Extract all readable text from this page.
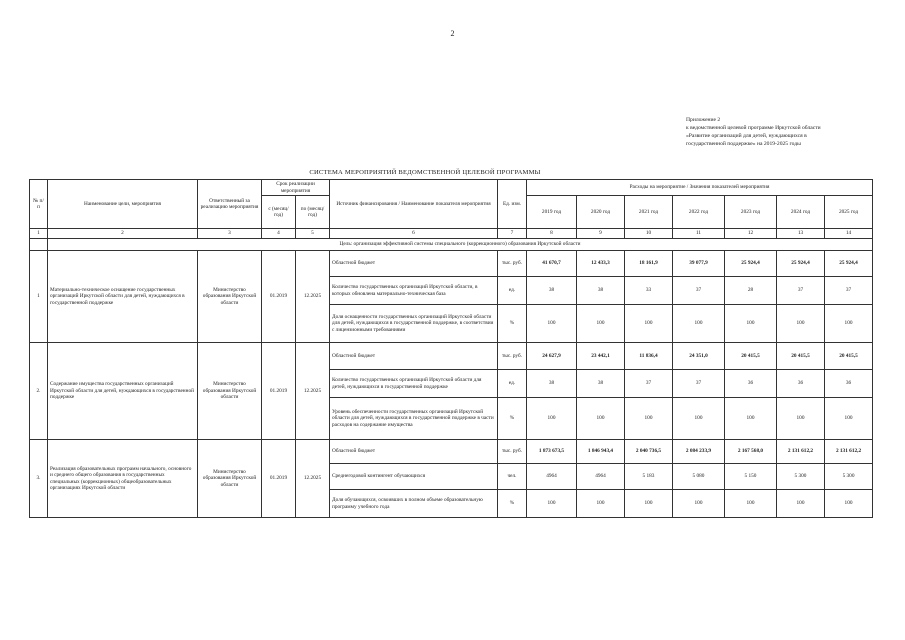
2
Приложение 2
к ведомственной целевой программе Иркутской области
«Развитие организаций для детей, нуждающихся в
государственной поддержке» на 2019-2025 годы
СИСТЕМА МЕРОПРИЯТИЙ ВЕДОМСТВЕННОЙ ЦЕЛЕВОЙ ПРОГРАММЫ
№ п/п	Наименование цели, мероприятия	Ответственный за реализацию мероприятия	Срок реализации мероприятия		Источник финансирования / Наименование показателя мероприятия	Ед. изм.	Расходы на мероприятие / Значения показателей мероприятия						
			с (месяц/год)	по (месяц/год)			2019 год	2020 год	2021 год	2022 год	2023 год	2024 год	2025 год
1	2	3	4	5	6	7	8	9	10	11	12	13	14
	Цель: организация эффективной системы специального (коррекционного) образования Иркутской области												
1	Материально-техническое оснащение государственных организаций Иркутской области для детей, нуждающихся в государственной поддержке	Министерство образования Иркутской области	01.2019	12.2025	Областной бюджет	тыс. руб.	41 670,7	12 433,3	18 161,9	39 077,9	25 924,4	25 924,4	25 924,4
					Количество государственных организаций Иркутской области, в которых обновлена материально-техническая база	ед.	38	38	33	37	28	37	37
					Доля оснащенности государственных организаций Иркутской области для детей, нуждающихся в государственной поддержке, в соответствии с лицензионными требованиями	%	100	100	100	100	100	100	100
2.	Содержание имущества государственных организаций Иркутской области для детей, нуждающихся в государственной поддержке	Министерство образования Иркутской области	01.2019	12.2025	Областной бюджет	тыс. руб.	24 627,9	23 442,1	11 836,4	24 351,0	20 415,5	20 415,5	20 415,5
					Количество государственных организаций Иркутской области для детей, нуждающихся в государственной поддержке	ед.	38	38	37	37	36	36	36
					Уровень обеспеченности государственных организаций Иркутской области для детей, нуждающихся в государственной поддержке в части расходов на содержание имущества	%	100	100	100	100	100	100	100
3.	Реализация образовательных программ начального, основного и среднего общего образования в государственных специальных (коррекционных) общеобразовательных организациях Иркутской области	Министерство образования Иркутской области	01.2019	12.2025	Областной бюджет	тыс. руб.	1 873 673,5	1 846 943,4	2 040 736,5	2 084 233,9	2 167 568,0	2 131 612,2	2 131 612,2
					Среднегодовой контингент обучающихся	чел.	4964	4964	5 183	5 080	5 150	5 300	5 300
					Доля обучающихся, освоивших в полном объеме образовательную программу учебного года	%	100	100	100	100	100	100	100
